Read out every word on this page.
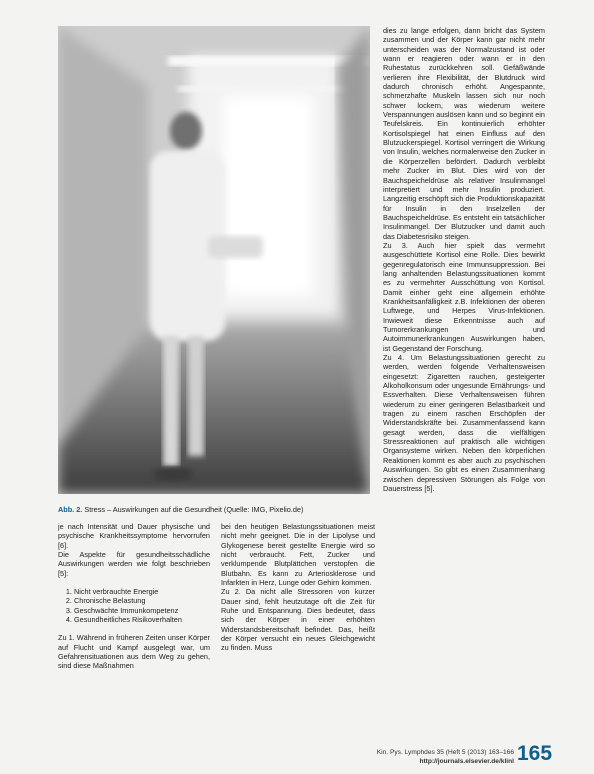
Abb. 2. Stress – Auswirkungen auf die Gesundheit (Quelle: IMG, Pixelio.de)

je nach Intensität und Dauer physische und psychische Krankheitssymptome hervorrufen [6].

Die Aspekte für gesundheitsschädliche Auswirkungen werden wie folgt beschrieben [5]:

1. Nicht verbrauchte Energie
2. Chronische Belastung
3. Geschwächte Immunkompetenz
4. Gesundheitliches Risikoverhalten

Zu 1. Während in früheren Zeiten unser Körper auf Flucht und Kampf ausgelegt war, um Gefahrensituationen aus dem Weg zu gehen, sind diese Maßnahmen

bei den heutigen Belastungssituationen meist nicht mehr geeignet. Die in der Lipolyse und Glykogenese bereit gestellte Energie wird so nicht verbraucht. Fett, Zucker und verklumpende Blutplättchen verstopfen die Blutbahn. Es kann zu Arteriosklerose und Infarkten in Herz, Lunge oder Gehirn kommen.

Zu 2. Da nicht alle Stressoren von kurzer Dauer sind, fehlt heutzutage oft die Zeit für Ruhe und Entspannung. Dies bedeutet, dass sich der Körper in einer erhöhten Widerstandsbereitschaft befindet. Das, heißt der Körper versucht ein neues Gleichgewicht zu finden. Muss

dies zu lange erfolgen, dann bricht das System zusammen und der Körper kann gar nicht mehr unterscheiden was der Normalzustand ist oder wann er reagieren oder wann er in den Ruhestatus zurückkehren soll. Gefäßwände verlieren ihre Flexibilität, der Blutdruck wird dadurch chronisch erhöht. Angespannte, schmerzhafte Muskeln lassen sich nur noch schwer lockern, was wiederum weitere Verspannungen auslösen kann und so beginnt ein Teufelskreis. Ein kontinuierlich erhöhter Kortisolspiegel hat einen Einfluss auf den Blutzuckerspiegel. Kortisol verringert die Wirkung von Insulin, welches normalerweise den Zucker in die Körperzellen befördert. Dadurch verbleibt mehr Zucker im Blut. Dies wird von der Bauchspeicheldrüse als relativer Insulinmangel interpretiert und mehr Insulin produziert. Langzeitig erschöpft sich die Produktionskapazität für Insulin in den Inselzellen der Bauchspeicheldrüse. Es entsteht ein tatsächlicher Insulinmangel. Der Blutzucker und damit auch das Diabetesrisiko steigen.

Zu 3. Auch hier spielt das vermehrt ausgeschüttete Kortisol eine Rolle. Dies bewirkt gegenregulatorisch eine Immunsuppression. Bei lang anhaltenden Belastungssituationen kommt es zu vermehrter Ausschüttung von Kortisol. Damit einher geht eine allgemein erhöhte Krankheitsanfälligkeit z.B. Infektionen der oberen Luftwege, und Herpes Virus-Infektionen. Inwieweit diese Erkenntnisse auch auf Tumorerkrankungen und Autoimmunerkrankungen Auswirkungen haben, ist Gegenstand der Forschung.

Zu 4. Um Belastungssituationen gerecht zu werden, werden folgende Verhaltensweisen eingesetzt: Zigaretten rauchen, gesteigerter Alkoholkonsum oder ungesunde Ernährungs- und Essverhalten. Diese Verhaltensweisen führen wiederum zu einer geringeren Belastbarkeit und tragen zu einem raschen Erschöpfen der Widerstandskräfte bei. Zusammenfassend kann gesagt werden, dass die vielfältigen Stressreaktionen auf praktisch alle wichtigen Organsysteme wirken. Neben den körperlichen Reaktionen kommt es aber auch zu psychischen Auswirkungen. So gibt es einen Zusammenhang zwischen depressiven Störungen als Folge von Dauerstress [5].

Kin. Pys. Lymphdes 35 (Heft 5 (2013) 163–166
http://journals.elsevier.de/klinl 165
